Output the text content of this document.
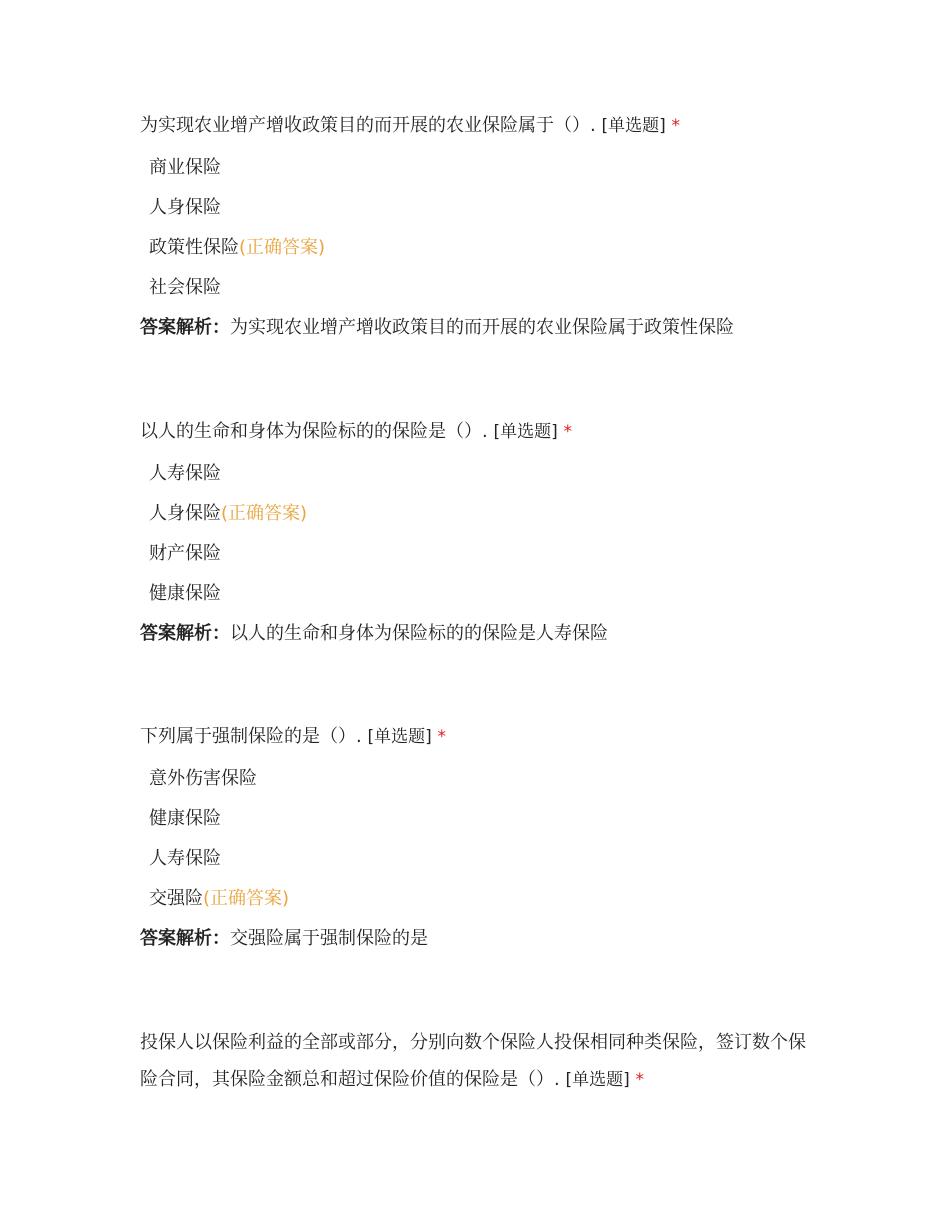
为实现农业增产增收政策目的而开展的农业保险属于（）. [单选题] *

商业保险
人身保险
政策性保险(正确答案)
社会保险
答案解析：为实现农业增产增收政策目的而开展的农业保险属于政策性保险

以人的生命和身体为保险标的的保险是（）. [单选题] *

人寿保险
人身保险(正确答案)
财产保险
健康保险
答案解析：以人的生命和身体为保险标的的保险是人寿保险

下列属于强制保险的是（）. [单选题] *

意外伤害保险
健康保险
人寿保险
交强险(正确答案)
答案解析：交强险属于强制保险的是

投保人以保险利益的全部或部分，分别向数个保险人投保相同种类保险，签订数个保险合同，其保险金额总和超过保险价值的保险是（）. [单选题] *
